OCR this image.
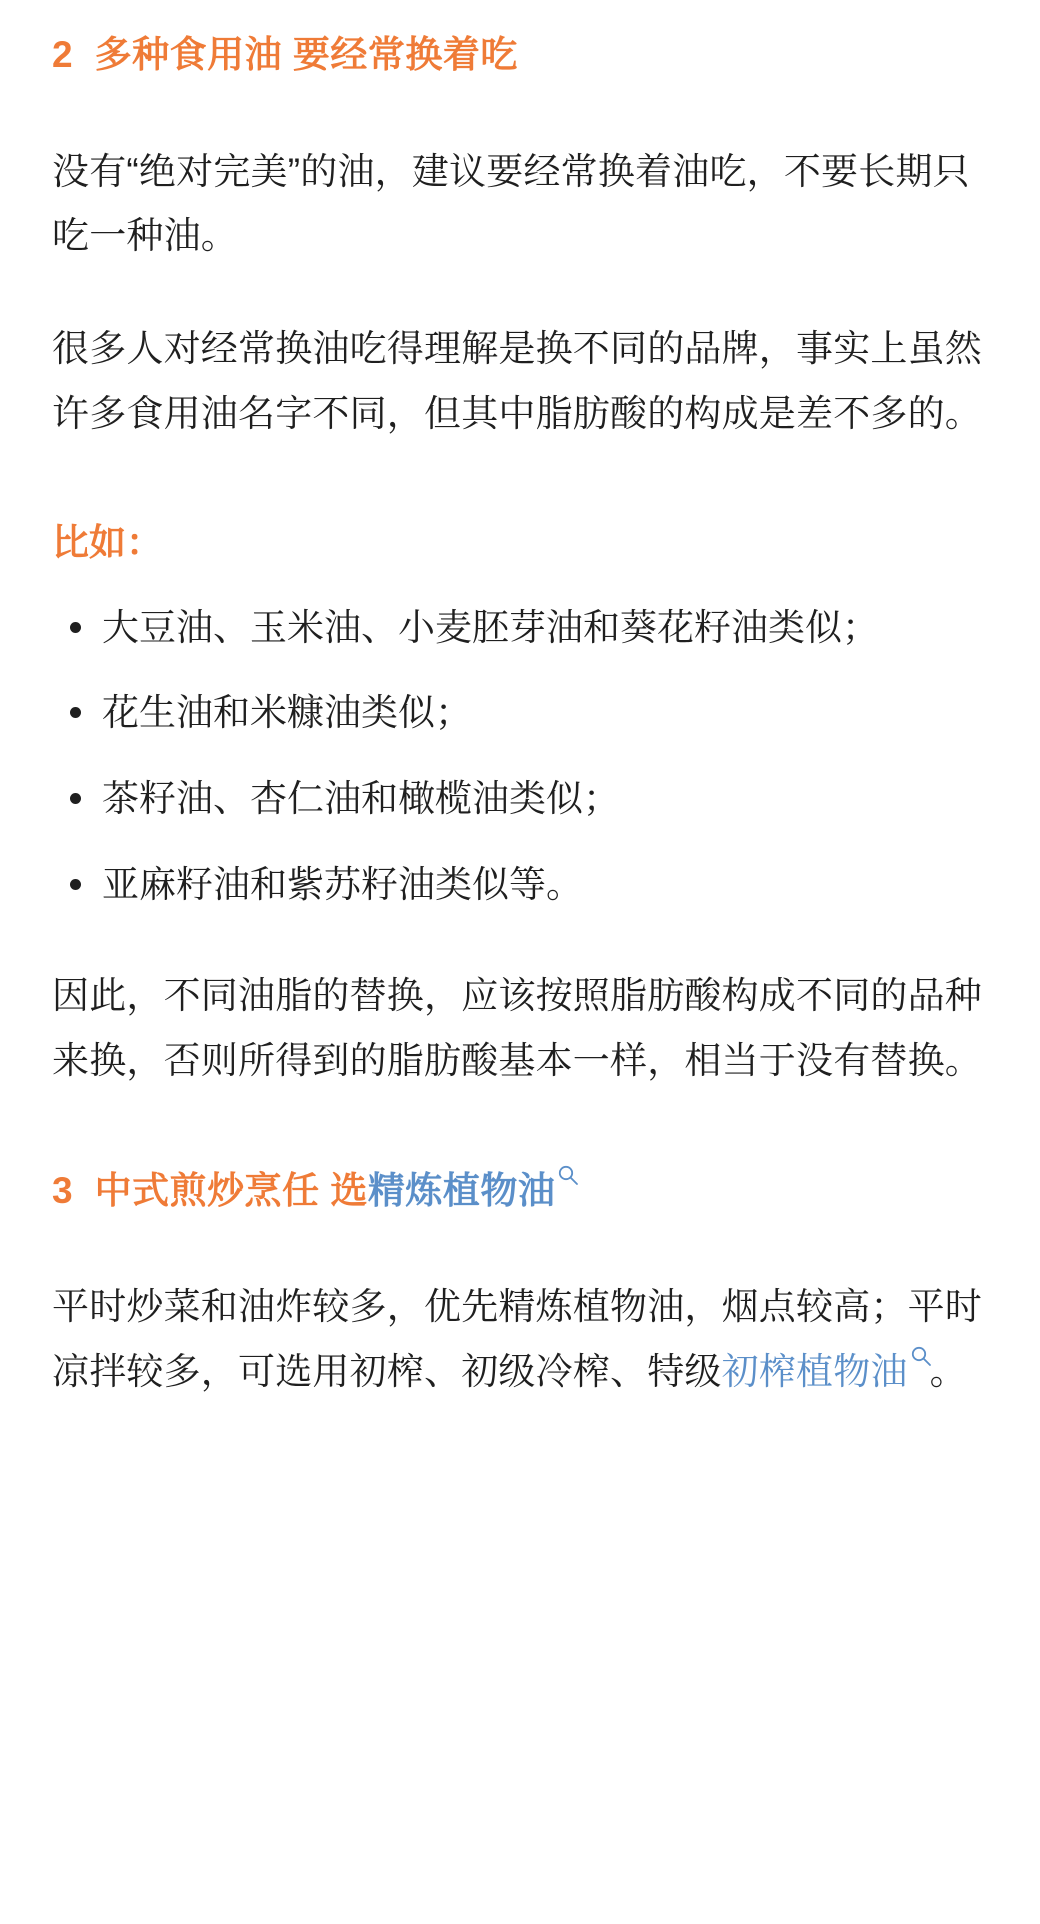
2 多种食用油 要经常换着吃

没有“绝对完美”的油，建议要经常换着油吃，不要长期只吃一种油。

很多人对经常换油吃得理解是换不同的品牌，事实上虽然许多食用油名字不同，但其中脂肪酸的构成是差不多的。

比如：

大豆油、玉米油、小麦胚芽油和葵花籽油类似；
花生油和米糠油类似；
茶籽油、杏仁油和橄榄油类似；
亚麻籽油和紫苏籽油类似等。

因此，不同油脂的替换，应该按照脂肪酸构成不同的品种来换，否则所得到的脂肪酸基本一样，相当于没有替换。

3 中式煎炒烹任 选精炼植物油

平时炒菜和油炸较多，优先精炼植物油，烟点较高；平时凉拌较多，可选用初榨、初级冷榨、特级初榨植物油 。
